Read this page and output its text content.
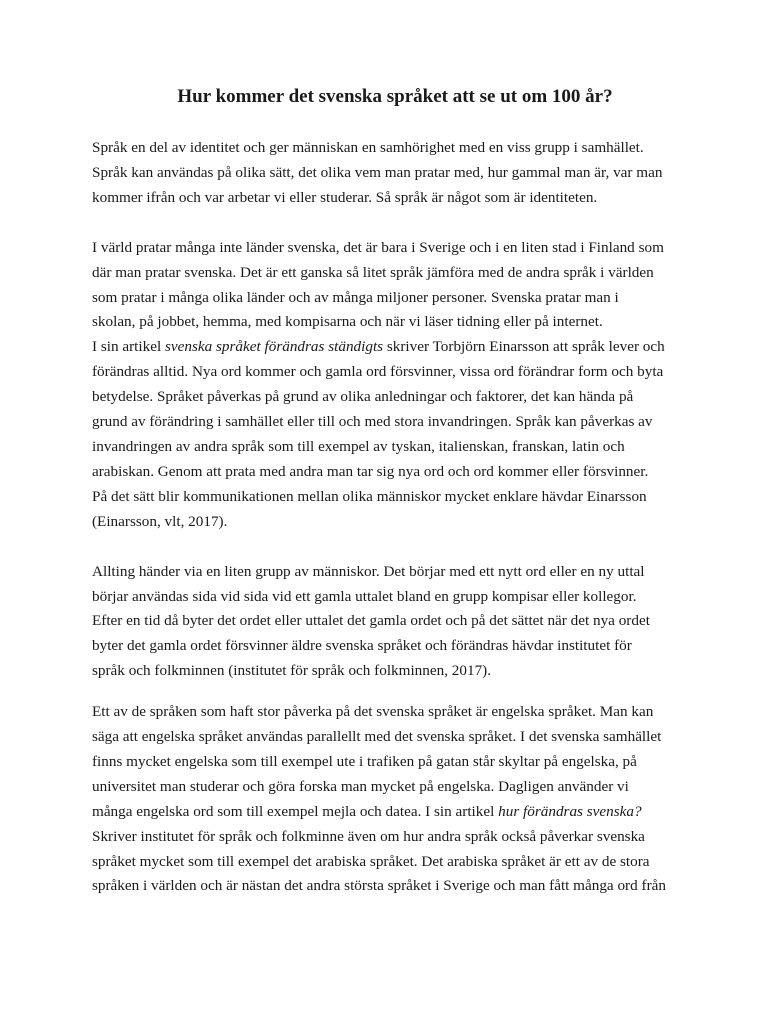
Hur kommer det svenska språket att se ut om 100 år?

Språk en del av identitet och ger människan en samhörighet med en viss grupp i samhället.
Språk kan användas på olika sätt, det olika vem man pratar med, hur gammal man är, var man
kommer ifrån och var arbetar vi eller studerar. Så språk är något som är identiteten.

I värld pratar många inte länder svenska, det är bara i Sverige och i en liten stad i Finland som
där man pratar svenska. Det är ett ganska så litet språk jämföra med de andra språk i världen
som pratar i många olika länder och av många miljoner personer. Svenska pratar man i
skolan, på jobbet, hemma, med kompisarna och när vi läser tidning eller på internet.
I sin artikel svenska språket förändras ständigts skriver Torbjörn Einarsson att språk lever och
förändras alltid. Nya ord kommer och gamla ord försvinner, vissa ord förändrar form och byta
betydelse. Språket påverkas på grund av olika anledningar och faktorer, det kan hända på
grund av förändring i samhället eller till och med stora invandringen. Språk kan påverkas av
invandringen av andra språk som till exempel av tyskan, italienskan, franskan, latin och
arabiskan. Genom att prata med andra man tar sig nya ord och ord kommer eller försvinner.
På det sätt blir kommunikationen mellan olika människor mycket enklare hävdar Einarsson
(Einarsson, vlt, 2017).

Allting händer via en liten grupp av människor. Det börjar med ett nytt ord eller en ny uttal
börjar användas sida vid sida vid ett gamla uttalet bland en grupp kompisar eller kollegor.
Efter en tid då byter det ordet eller uttalet det gamla ordet och på det sättet när det nya ordet
byter det gamla ordet försvinner äldre svenska språket och förändras hävdar institutet för
språk och folkminnen (institutet för språk och folkminnen, 2017).

Ett av de språken som haft stor påverka på det svenska språket är engelska språket. Man kan
säga att engelska språket användas parallellt med det svenska språket. I det svenska samhället
finns mycket engelska som till exempel ute i trafiken på gatan står skyltar på engelska, på
universitet man studerar och göra forska man mycket på engelska. Dagligen använder vi
många engelska ord som till exempel mejla och datea. I sin artikel hur förändras svenska?
Skriver institutet för språk och folkminne även om hur andra språk också påverkar svenska
språket mycket som till exempel det arabiska språket. Det arabiska språket är ett av de stora
språken i världen och är nästan det andra största språket i Sverige och man fått många ord från
